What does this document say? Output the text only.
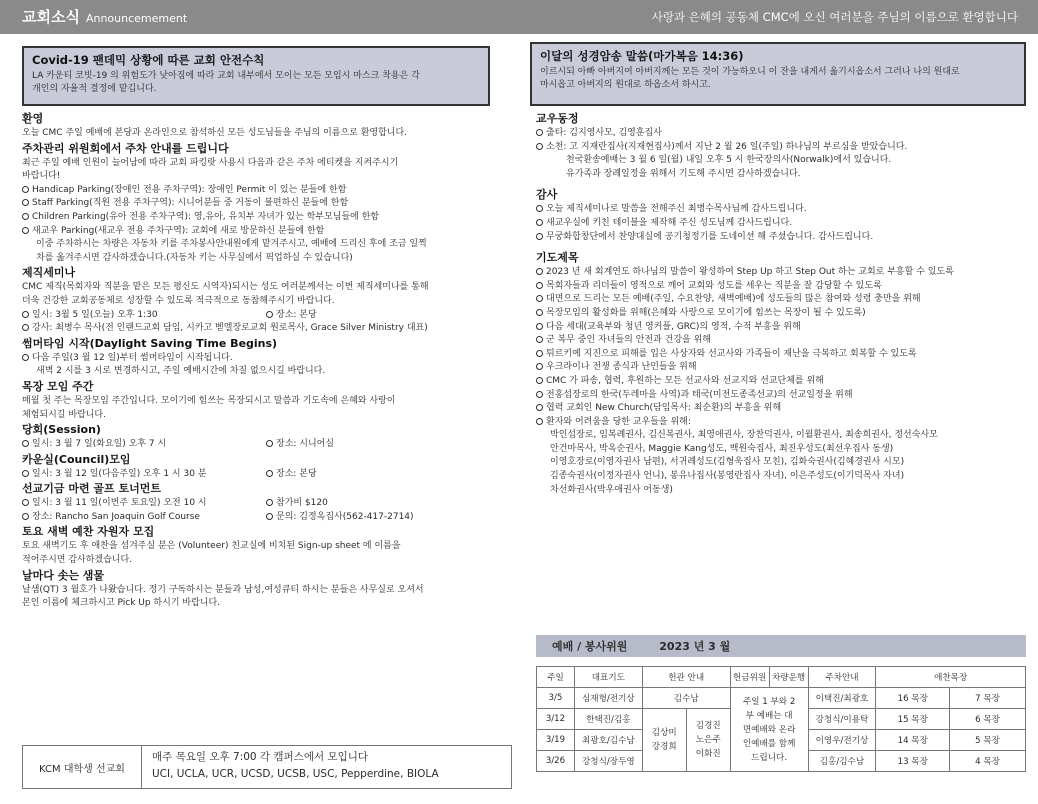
교회소식 Announcemement	사랑과 은혜의 공동체 CMC에 오신 여러분을 주님의 이름으로 환영합니다
Covid-19 팬데믹 상황에 따른 교회 안전수칙
LA 카운티 코빗-19 의 위험도가 낮아짐에 따라 교회 내부에서 모이는 모든 모임시 마스크 착용은 각
개인의 자율적 결정에 맡깁니다.
이달의 성경암송 말씀(마가복음 14:36)
이르시되 아빠 아버지여 아버지께는 모든 것이 가능하오니 이 잔을 내게서 옮기시옵소서 그러나 나의 원대로
마시옵고 아버지의 원대로 하옵소서 하시고.
환영

오늘 CMC 주일 예배에 본당과 온라인으로 참석하신 모든 성도님들을 주님의 이름으로 환영합니다.

주차관리 위원회에서 주차 안내를 드립니다

최근 주일 예배 인원이 늘어남에 따라 교회 파킹랏 사용시 다음과 같은 주차 에티켓을 지켜주시기

바랍니다!

Handicap Parking(장애인 전용 주차구역): 장애인 Permit 이 있는 분들에 한함

Staff Parking(직원 전용 주차구역): 시니어분들 중 거동이 불편하신 분들에 한함

Children Parking(유아 전용 주차구역): 영,유아, 유치부 자녀가 있는 학부모님들에 한함

새교우 Parking(새교우 전용 주차구역): 교회에 새로 방문하신 분들에 한함

이중 주차하시는 차량은 자동차 키를 주차봉사안내원에게 맡겨주시고, 예배에 드리신 후에 조금 일찍

차를 옮겨주시면 감사하겠습니다.(자동차 키는 사무실에서 픽업하실 수 있습니다)

제직세미나

CMC 제직(목회자와 직분을 맡은 모든 평신도 시역자)되시는 성도 여러분께서는 이번 제직세미나를 통해

더욱 건강한 교회공동체로 성장할 수 있도록 적극적으로 동참해주시기 바랍니다.

일시: 3월 5 일(오늘) 오후 1:30	장소: 본당

강사: 최병수 목사(전 인랜드교회 담임, 시카고 벧엘장로교회 원로목사, Grace Silver Ministry 대표)

썸머타임 시작(Daylight Saving Time Begins)

다음 주일(3 월 12 일)부터 썸머타임이 시작됩니다.

새벽 2 시를 3 시로 변경하시고, 주일 예배시간에 차질 없으시길 바랍니다.

목장 모임 주간

매월 첫 주는 목장모임 주간입니다. 모이기에 힘쓰는 목장되시고 말씀과 기도속에 은혜와 사랑이

체험되시길 바랍니다.

당회(Session)
일시: 3 월 7 일(화요일) 오후 7 시	장소: 시니어실
카운실(Council)모임
일시: 3 월 12 일(다음주일) 오후 1 시 30 분	장소: 본당
선교기금 마련 골프 토너먼트
일시: 3 월 11 일(이번주 토요일) 오전 10 시	참가비 $120
장소: Rancho San Joaquin Golf Course	문의: 김정옥집사(562-417-2714)
토요 새벽 예찬 자원자 모집

토요 새벽기도 후 애찬을 섬겨주실 분은 (Volunteer) 친교실에 비치된 Sign-up sheet 에 이름을

적어주시면 감사하겠습니다.

날마다 솟는 샘물

날샘(QT) 3 월호가 나왔습니다. 정기 구독하시는 분들과 남성,여성큐티 하시는 분들은 사무실로 오셔서

본인 이름에 체크하시고 Pick Up 하시기 바랍니다.

KCM 대학생 선교회
매주 목요일 오후 7:00 각 캠퍼스에서 모입니다
UCI, UCLA, UCR, UCSD, UCSB, USC, Pepperdine, BIOLA
교우동정

출타: 김지영사모, 김영훈집사

소천: 고 지재란집사(지재현집사)께서 지난 2 월 26 일(주일) 하나님의 부르심을 받았습니다.

천국환송예배는 3 월 6 일(월) 내일 오후 5 시 한국장의사(Norwalk)에서 있습니다.

유가족과 장례일정을 위해서 기도해 주시면 감사하겠습니다.

감사

오늘 제직세미나로 말씀을 전해주신 최병수목사님께 감사드립니다.

새교우실에 키친 테이블을 제작해 주신 성도님께 감사드립니다.

무궁화합창단에서 찬양대실에 공기청정기를 도네이션 해 주셨습니다. 감사드립니다.

기도제목

2023 년 새 회계연도 하나님의 말씀이 왕성하여 Step Up 하고 Step Out 하는 교회로 부흥할 수 있도록

목회자들과 리더들이 영적으로 깨어 교회와 성도를 세우는 직분을 잘 감당할 수 있도록

대면으로 드리는 모든 예배(주일, 수요찬양, 새벽예배)에 성도들의 많은 참여와 성령 충만을 위해

목장모임의 활성화를 위해(은혜와 사랑으로 모이기에 힘쓰는 목장이 될 수 있도록)

다음 세대(교육부와 청년 영커플, GRC)의 영적, 수적 부흥을 위해

군 복무 중인 자녀들의 안전과 건강을 위해

튀르키예 지진으로 피해를 입은 사상자와 선교사와 가족들이 재난을 극복하고 회복할 수 있도록

우크라이나 전쟁 종식과 난민들을 위해

CMC 가 파송, 협력, 후원하는 모든 선교사와 선교지와 선교단체를 위해

전홍섭장로의 한국(두레마을 사역)과 태국(미전도종족선교)의 선교일정을 위해

협력 교회인 New Church(담임목사: 최순환)의 부흥을 위해

환자와 어려움을 당한 교우들을 위해:

박인섭장로, 임복례권사, 김신복권사, 최영애권사, 장찬덕권사, 이월환권사, 최송희권사, 정선숙사모

안건마목사, 박옥순권사, Maggie Kang성도, 백원숙집사, 최진우성도(최선우집사 동생)

이영호장로(이영자권사 남편), 서귀례성도(김형욱집사 모친), 김화숙권사(김혜경권사 시모)

김종숙권사(이정자권사 언니), 봉유나집사(봉영란집사 자녀), 이은주성도(이기덕목사 자녀)

차선화권사(박우애권사 어동생)

예배 / 봉사위원	2023 년 3 월
주일	대표기도	헌관 안내		헌금위원 차량운행	주차안내	애찬목장	
3/5	심재형/전기상	김수남		주일 1 부와 2 부 예배는 대면예배와 온라인예배를 함께드립니다.	이택진/최광호	16 목장	7 목장
3/12	한택진/김홍	김상미 강경희	김경진 노은주 이화진		강청식/이용탁	15 목장	6 목장
3/19	최광호/김수남				이영우/전기상	14 목장	5 목장
3/26	강청식/장두영				김홍/김수남	13 목장	4 목장
